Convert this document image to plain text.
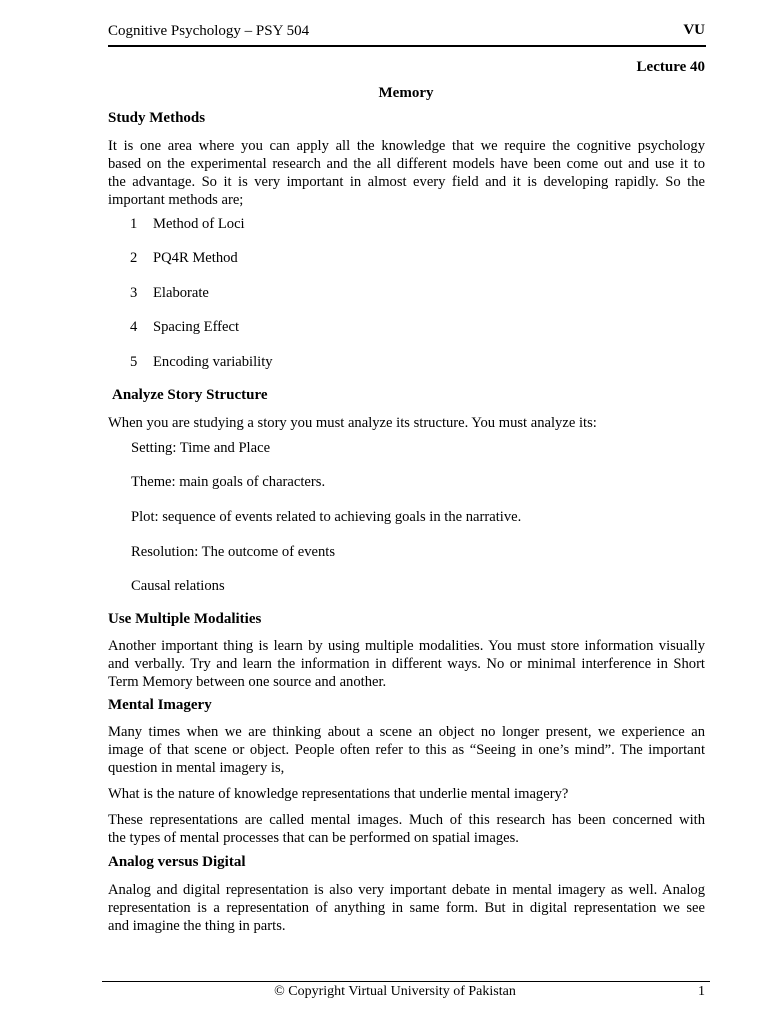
Cognitive Psychology – PSY 504	VU
Lecture 40
Memory
Study Methods
It is one area where you can apply all the knowledge that we require the cognitive psychology
based on the experimental research and the all different models have been come out and use it to
the advantage. So it is very important in almost every field and it is developing rapidly. So the
important methods are;
1 Method of Loci
2 PQ4R Method
3 Elaborate
4 Spacing Effect
5 Encoding variability
Analyze Story Structure
When you are studying a story you must analyze its structure. You must analyze its:
Setting: Time and Place
Theme: main goals of characters.
Plot: sequence of events related to achieving goals in the narrative.
Resolution: The outcome of events
Causal relations
Use Multiple Modalities
Another important thing is learn by using multiple modalities. You must store information visually
and verbally. Try and learn the information in different ways. No or minimal interference in Short
Term Memory between one source and another.
Mental Imagery
Many times when we are thinking about a scene an object no longer present, we experience an
image of that scene or object. People often refer to this as “Seeing in one’s mind”. The important
question in mental imagery is,
What is the nature of knowledge representations that underlie mental imagery?
These representations are called mental images. Much of this research has been concerned with
the types of mental processes that can be performed on spatial images.
Analog versus Digital
Analog and digital representation is also very important debate in mental imagery as well. Analog
representation is a representation of anything in same form. But in digital representation we see
and imagine the thing in parts.
© Copyright Virtual University of Pakistan	1
